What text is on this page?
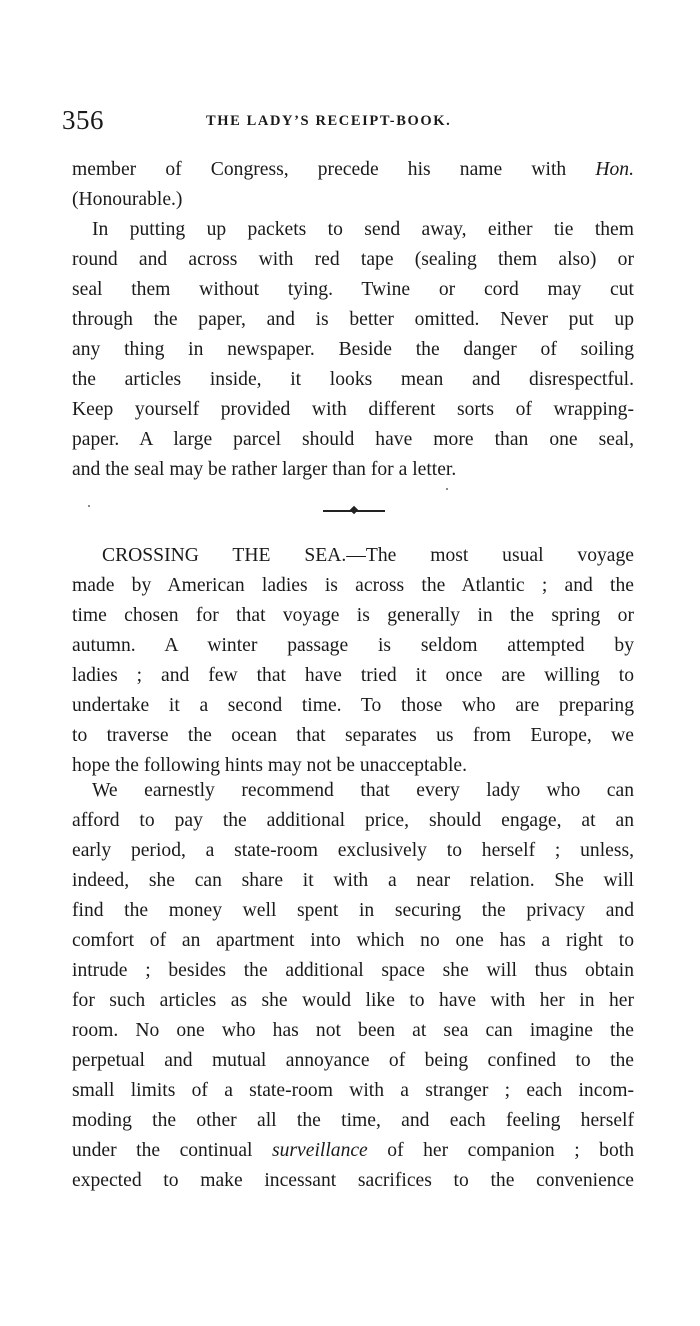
356	THE LADY’S RECEIPT-BOOK.
member of Congress, precede his name with Hon.
(Honourable.)
In putting up packets to send away, either tie them
round and across with red tape (sealing them also) or
seal them without tying. Twine or cord may cut
through the paper, and is better omitted. Never put up
any thing in newspaper. Beside the danger of soiling
the articles inside, it looks mean and disrespectful.
Keep yourself provided with different sorts of wrapping-
paper. A large parcel should have more than one seal,
and the seal may be rather larger than for a letter.
CROSSING THE SEA.—The most usual voyage
made by American ladies is across the Atlantic ; and the
time chosen for that voyage is generally in the spring or
autumn. A winter passage is seldom attempted by
ladies ; and few that have tried it once are willing to
undertake it a second time. To those who are preparing
to traverse the ocean that separates us from Europe, we
hope the following hints may not be unacceptable.
We earnestly recommend that every lady who can
afford to pay the additional price, should engage, at an
early period, a state-room exclusively to herself ; unless,
indeed, she can share it with a near relation. She will
find the money well spent in securing the privacy and
comfort of an apartment into which no one has a right to
intrude ; besides the additional space she will thus obtain
for such articles as she would like to have with her in her
room. No one who has not been at sea can imagine the
perpetual and mutual annoyance of being confined to the
small limits of a state-room with a stranger ; each incom-
moding the other all the time, and each feeling herself
under the continual surveillance of her companion ; both
expected to make incessant sacrifices to the convenience
